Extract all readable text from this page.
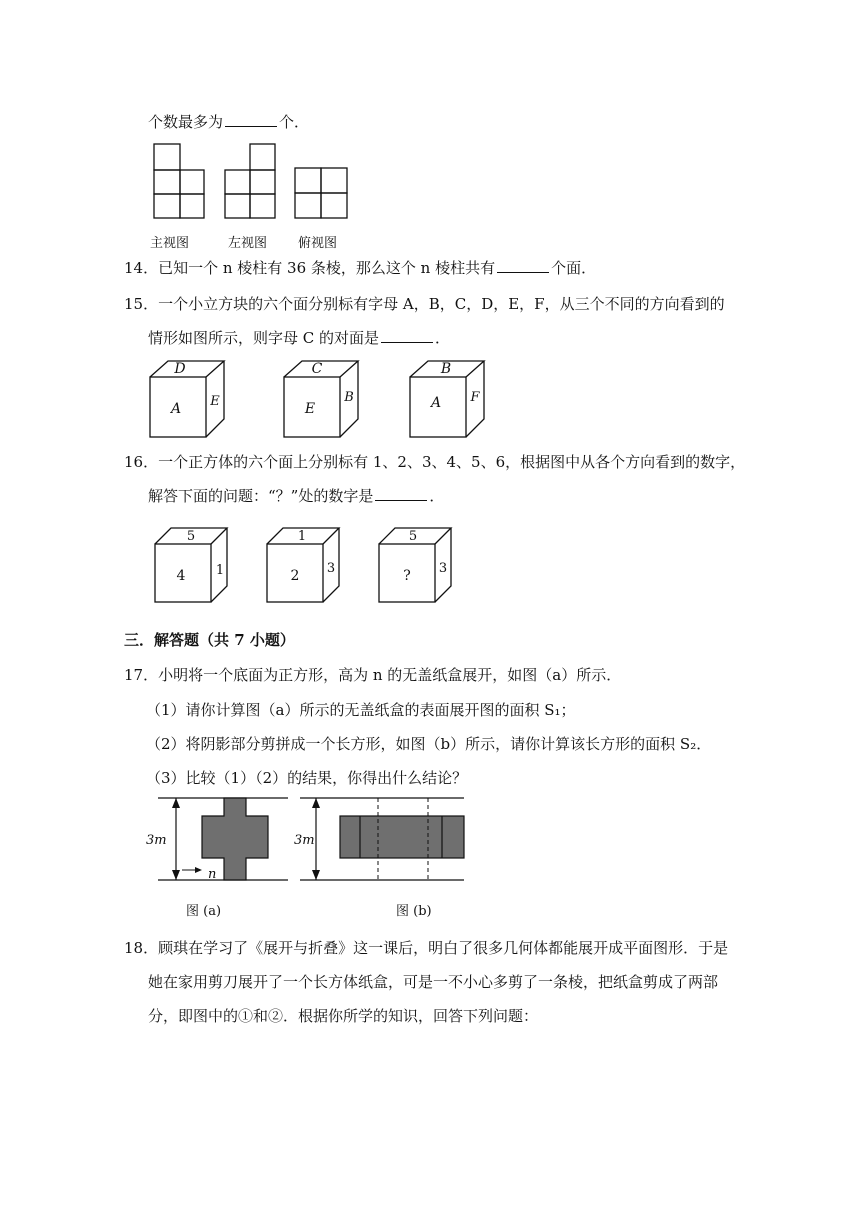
个数最多为	个．
主视图	左视图 俯视图
14．已知一个 n 棱柱有 36 条棱，那么这个 n 棱柱共有	个面．
15．一个小立方块的六个面分别标有字母 A，B，C，D，E，F，从三个不同的方向看到的
情形如图所示，则字母 C 的对面是	．
D
A E
C
E
B
B
A F
16．一个正方体的六个面上分别标有 1、2、3、4、5、6，根据图中从各个方向看到的数字，
解答下面的问题：“？”处的数字是	．
5
4 1
1
2 3
5
? 3
三．解答题（共 7 小题）
17．小明将一个底面为正方形，高为 n 的无盖纸盒展开，如图（a）所示．
（1）请你计算图（a）所示的无盖纸盒的表面展开图的面积 S₁；
（2）将阴影部分剪拼成一个长方形，如图（b）所示，请你计算该长方形的面积 S₂．
（3）比较（1）（2）的结果，你得出什么结论？
3m
n
图 (a)
3m
图 (b)
18．顾琪在学习了《展开与折叠》这一课后，明白了很多几何体都能展开成平面图形．于是
她在家用剪刀展开了一个长方体纸盒，可是一不小心多剪了一条棱，把纸盒剪成了两部
分，即图中的①和②．根据你所学的知识，回答下列问题：
